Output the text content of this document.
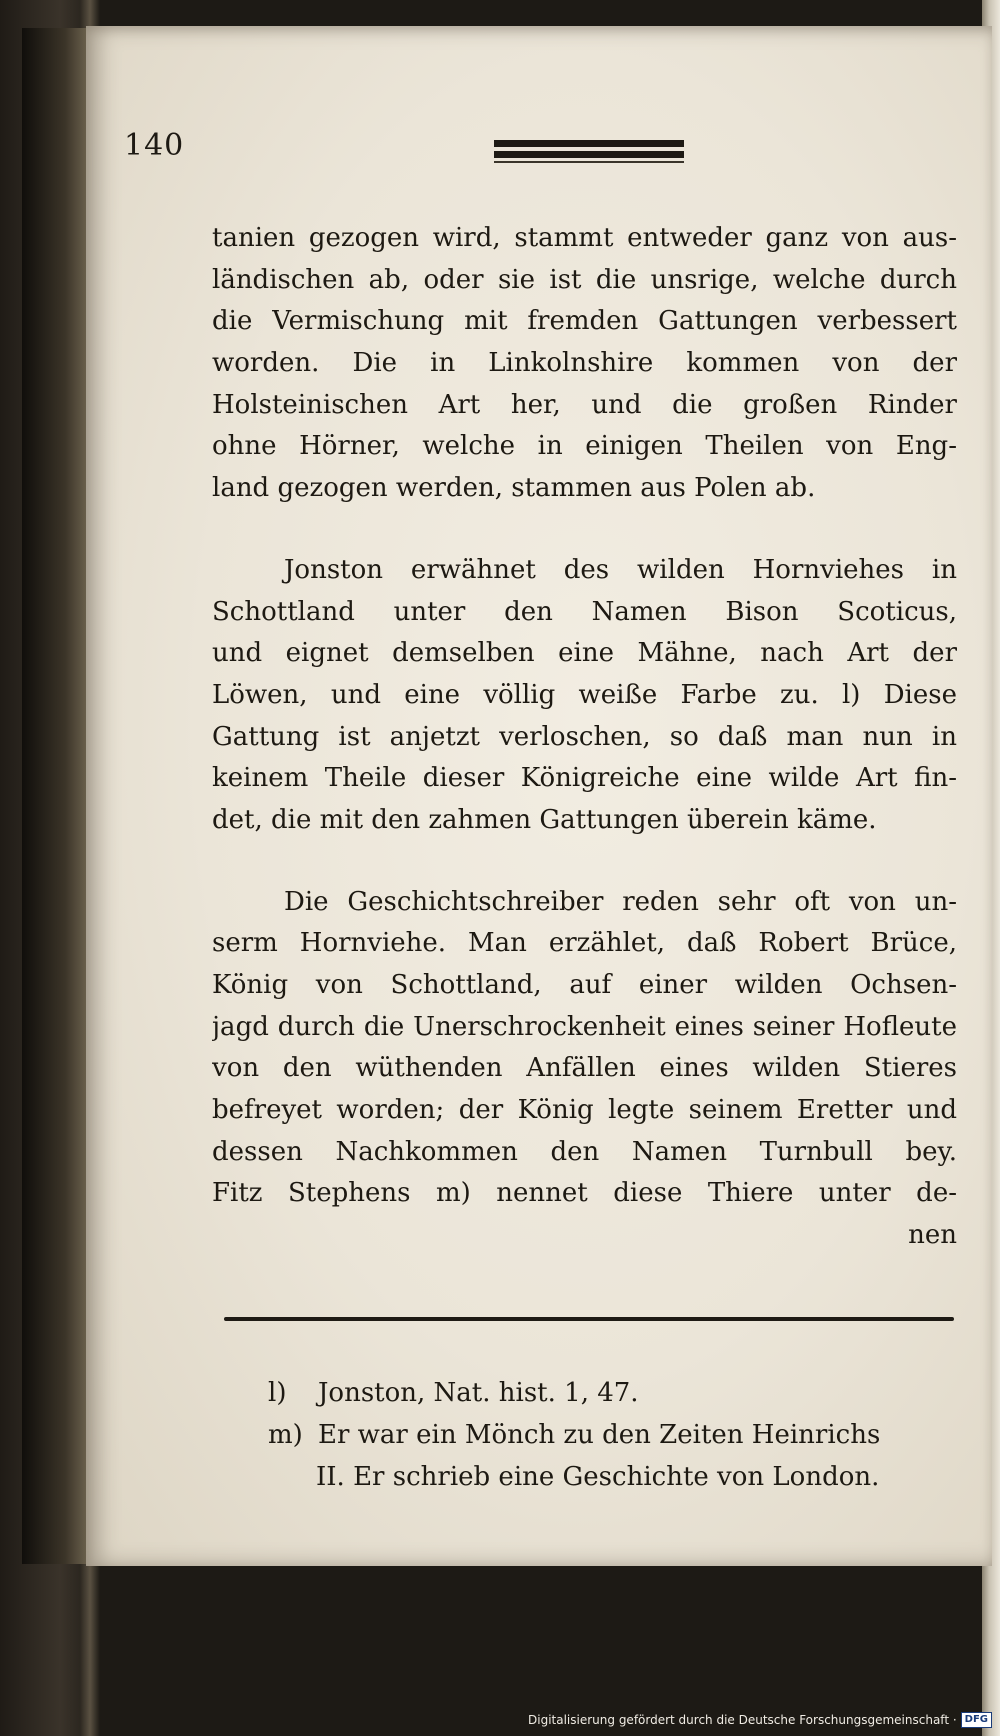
140
tanien gezogen wird, stammt entweder ganz von aus-
ländischen ab, oder sie ist die unsrige, welche durch
die Vermischung mit fremden Gattungen verbessert
worden. Die in Linkolnshire kommen von der
Holsteinischen Art her, und die großen Rinder
ohne Hörner, welche in einigen Theilen von Eng-
land gezogen werden, stammen aus Polen ab.
Jonston erwähnet des wilden Hornviehes in
Schottland unter den Namen Bison Scoticus,
und eignet demselben eine Mähne, nach Art der
Löwen, und eine völlig weiße Farbe zu. l) Diese
Gattung ist anjetzt verloschen, so daß man nun in
keinem Theile dieser Königreiche eine wilde Art fin-
det, die mit den zahmen Gattungen überein käme.
Die Geschichtschreiber reden sehr oft von un-
serm Hornviehe. Man erzählet, daß Robert Brüce,
König von Schottland, auf einer wilden Ochsen-
jagd durch die Unerschrockenheit eines seiner Hofleute
von den wüthenden Anfällen eines wilden Stieres
befreyet worden; der König legte seinem Eretter und
dessen Nachkommen den Namen Turnbull bey.
Fitz Stephens m) nennet diese Thiere unter de-
nen
l) Jonston, Nat. hist. 1, 47.
m) Er war ein Mönch zu den Zeiten Heinrichs
II. Er schrieb eine Geschichte von London.
Digitalisierung gefördert durch die Deutsche Forschungsgemeinschaft · DFG
